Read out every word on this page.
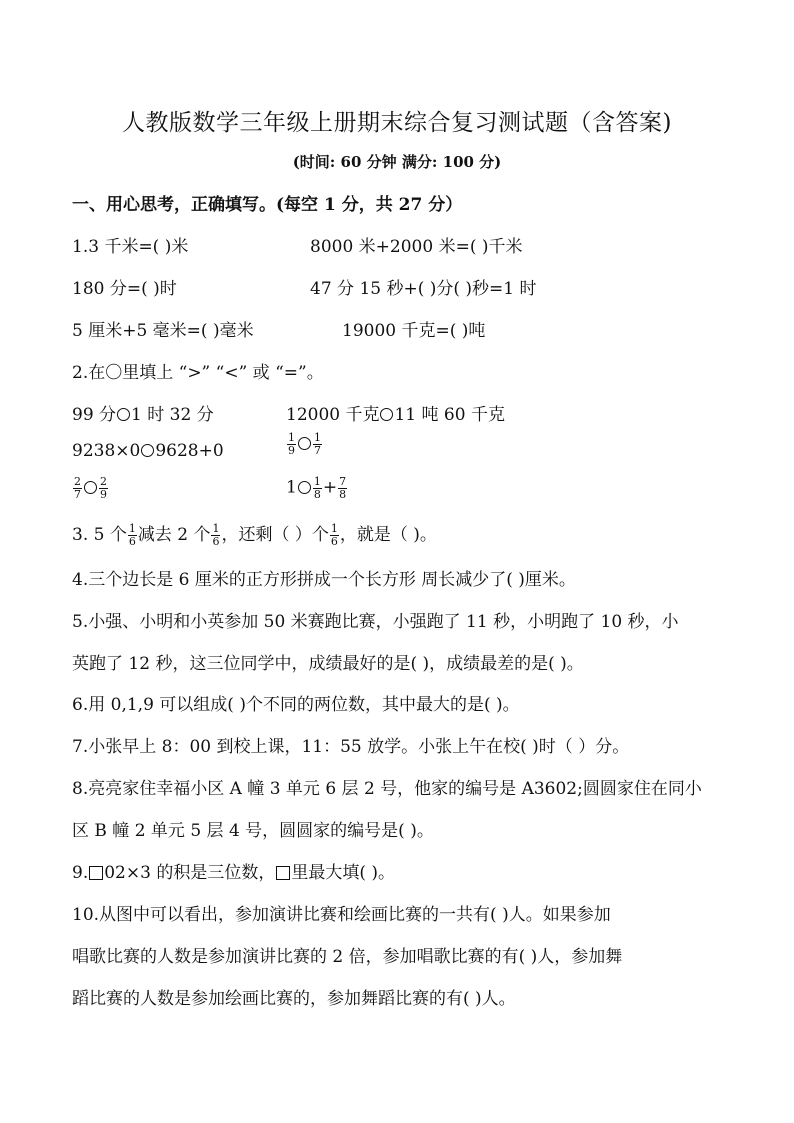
人教版数学三年级上册期末综合复习测试题（含答案)
(时间: 60 分钟 满分: 100 分)
一、用心思考，正确填写。(每空 1 分，共 27 分）
1.3 千米=( )米	8000 米+2000 米=( )千米
180 分=( )时	47 分 15 秒+( )分( )秒=1 时
5 厘米+5 毫米=( )毫米	19000 千克=( )吨
2.在〇里填上 “>” “<” 或 “=”。
99 分 1 时 32 分	12000 千克 11 吨 60 千克
9238×0 9628+0	$\frac{1}{9} \frac{1}{7}$
$\frac{2}{7} \frac{2}{9}$	$1 \frac{1}{8} + \frac{7}{8}$
3. 5 个 $\frac{1}{6}$ 减去 2 个 $\frac{1}{6}$ ，还剩（ ）个 $\frac{1}{6}$ ，就是（ )。
4.三个边长是 6 厘米的正方形拼成一个长方形 周长减少了( )厘米。
5.小强、小明和小英参加 50 米赛跑比赛，小强跑了 11 秒，小明跑了 10 秒，小
英跑了 12 秒，这三位同学中，成绩最好的是( )，成绩最差的是( )。
6.用 0,1,9 可以组成( )个不同的两位数，其中最大的是( )。
7.小张早上 8：00 到校上课，11：55 放学。小张上午在校( )时（ ）分。
8.亮亮家住幸福小区 A 幢 3 单元 6 层 2 号，他家的编号是 A3602;圆圆家住在同小
区 B 幢 2 单元 5 层 4 号，圆圆家的编号是( )。
9. 02×3 的积是三位数， 里最大填( )。
10.从图中可以看出，参加演讲比赛和绘画比赛的一共有( )人。如果参加
唱歌比赛的人数是参加演讲比赛的 2 倍，参加唱歌比赛的有( )人，参加舞
蹈比赛的人数是参加绘画比赛的，参加舞蹈比赛的有( )人。
